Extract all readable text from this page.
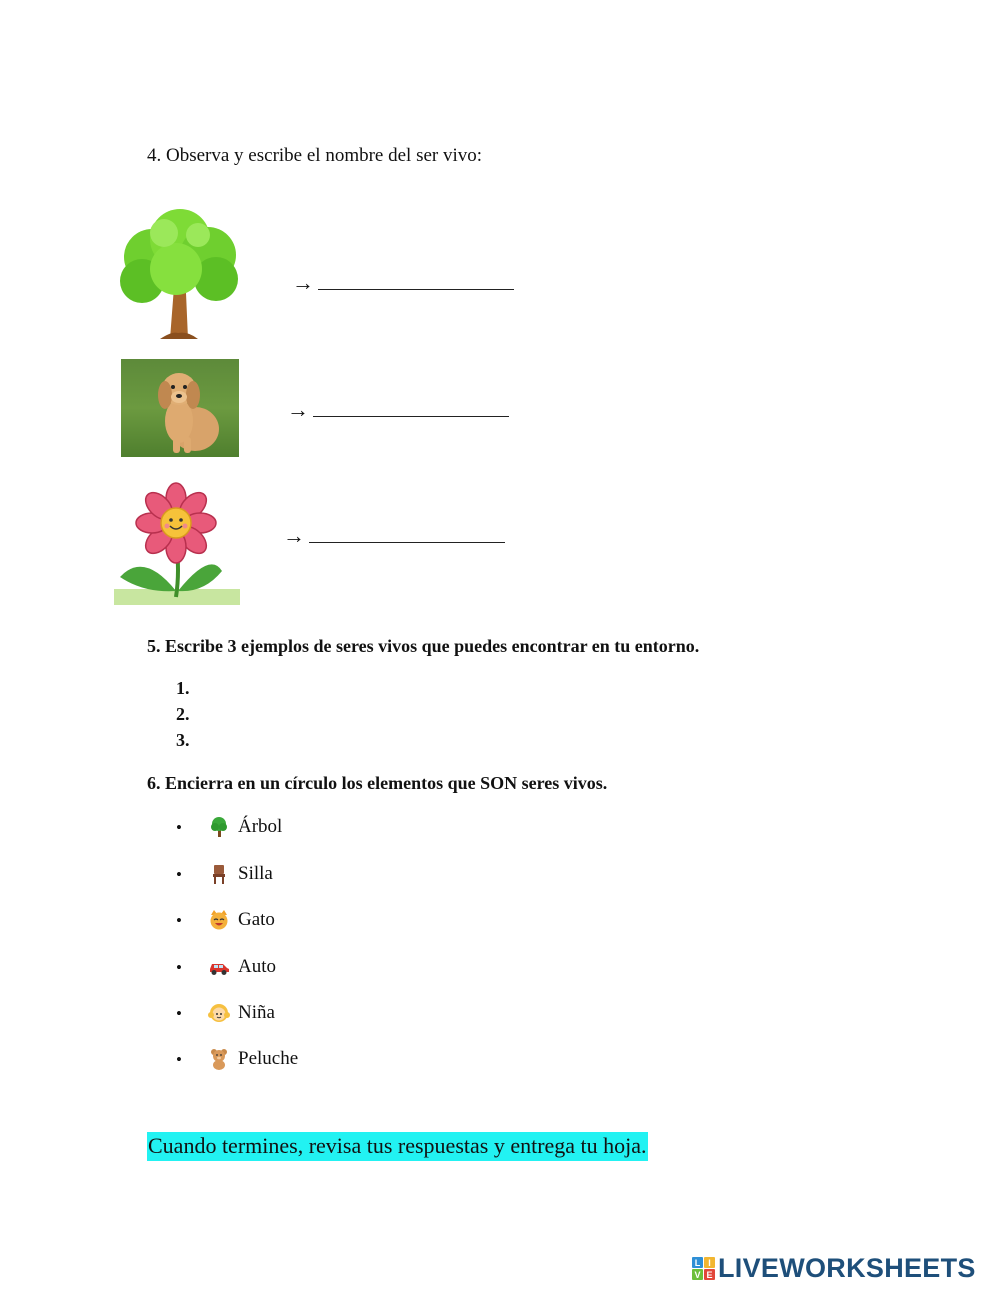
4. Observa y escribe el nombre del ser vivo:
→
→
→
5. Escribe 3 ejemplos de seres vivos que puedes encontrar en tu entorno.
1.
2.
3.
6. Encierra en un círculo los elementos que SON seres vivos.
•	Árbol
•	Silla
•	Gato
•	Auto
•	Niña
•	Peluche
Cuando termines, revisa tus respuestas y entrega tu hoja.
L I
V E LIVEWORKSHEETS
